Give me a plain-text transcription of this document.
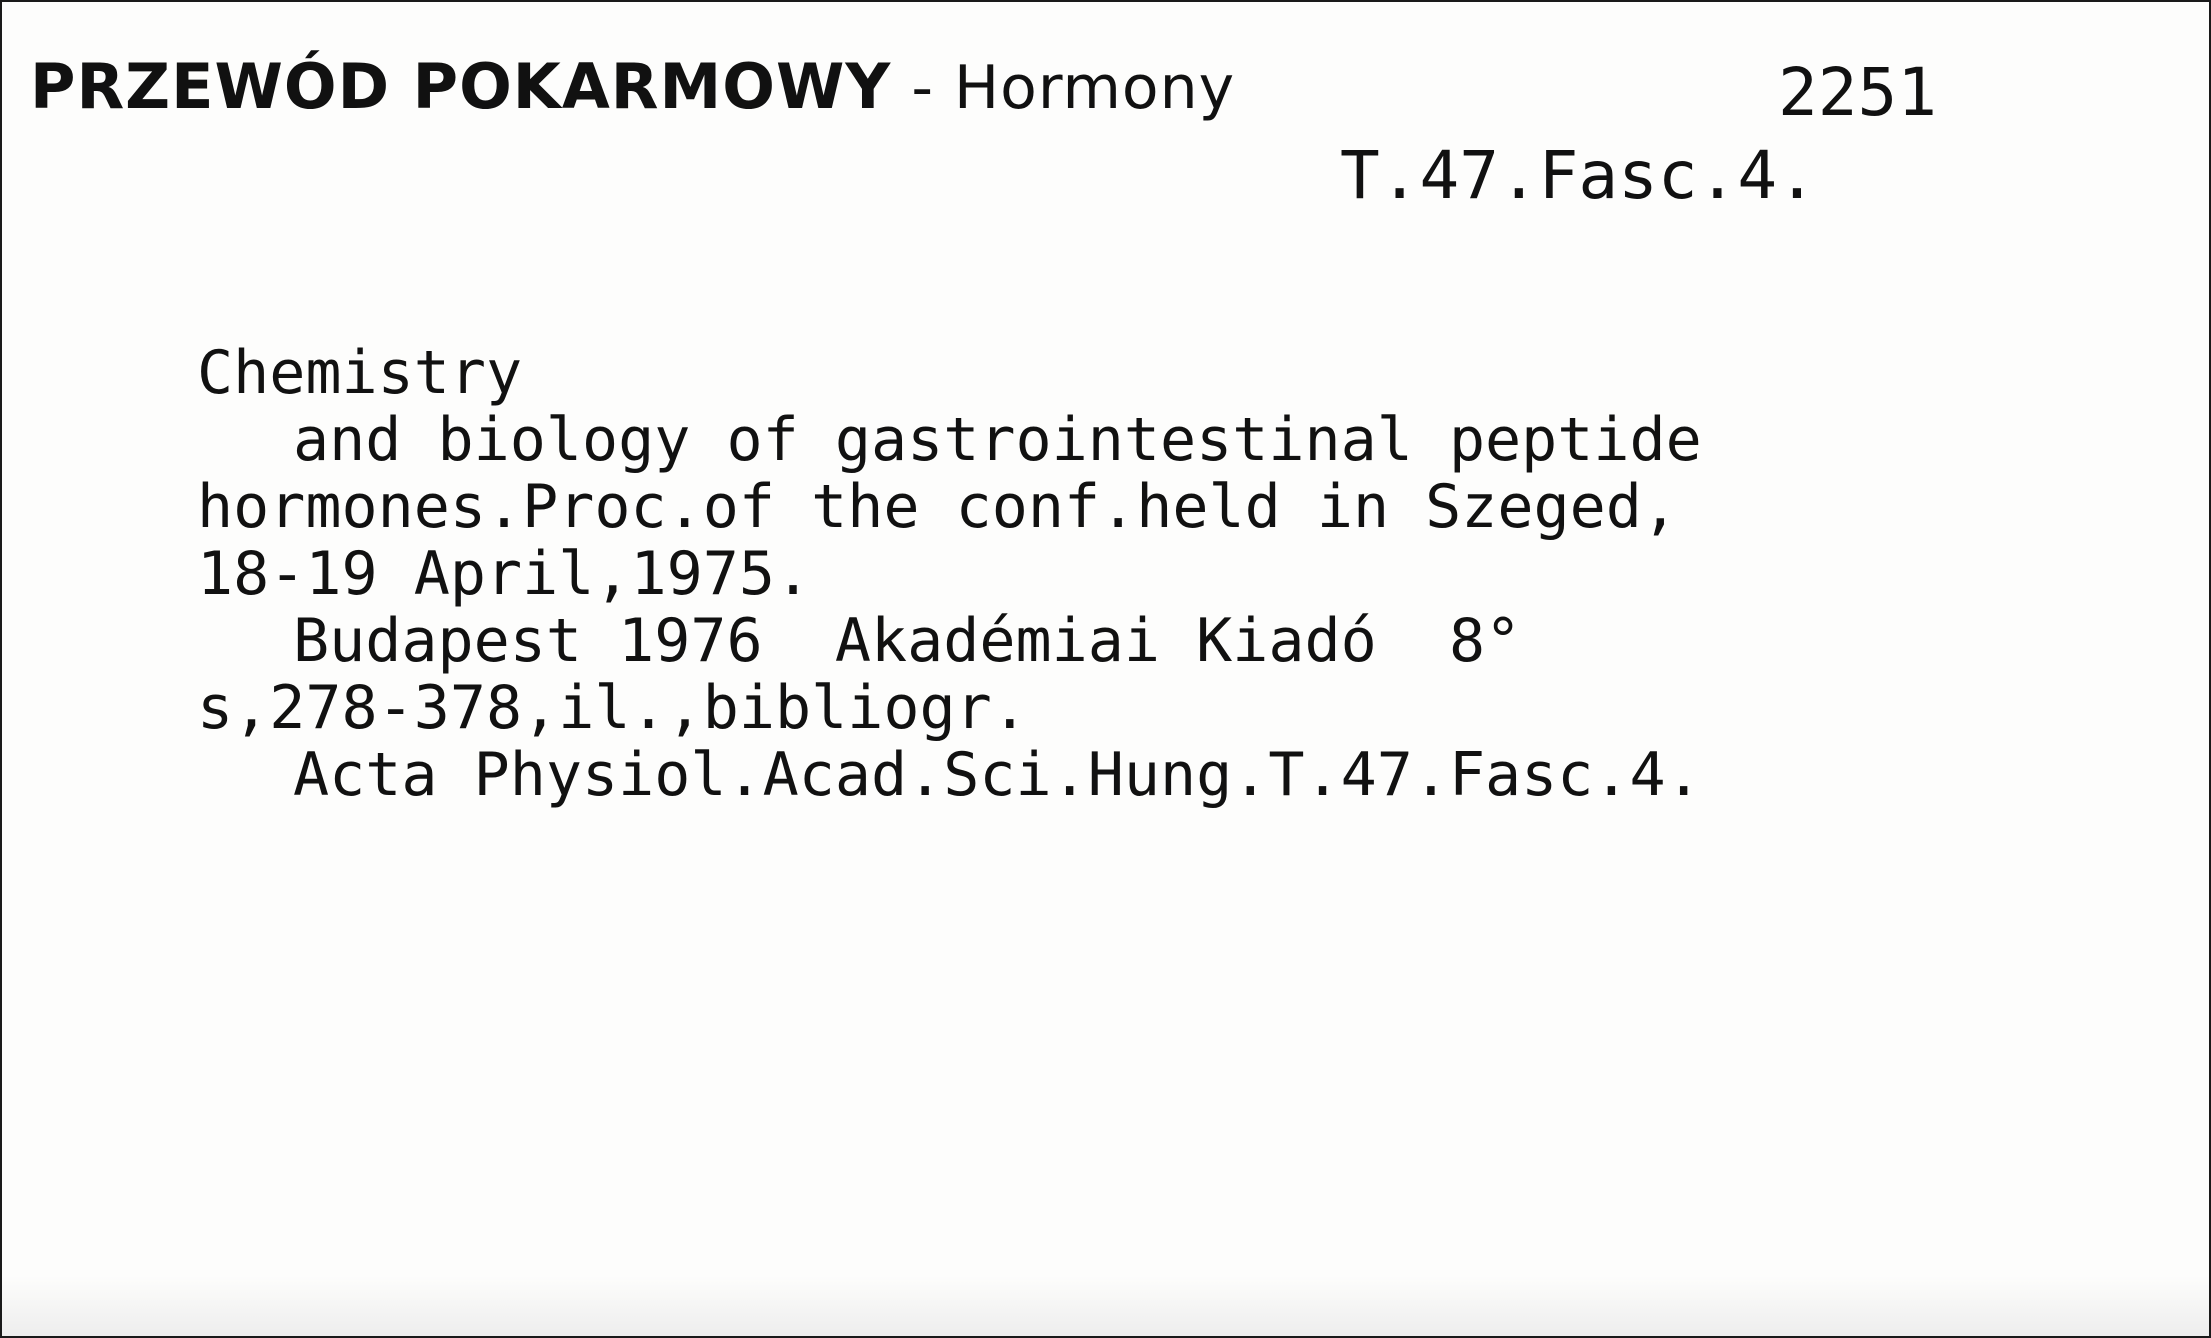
PRZEWÓD POKARMOWY - Hormony	2251
T.47.Fasc.4.
Chemistry
and biology of gastrointestinal peptide
hormones.Proc.of the conf.held in Szeged,
18-19 April,1975.
Budapest 1976  Akadémiai Kiadó  8°
s,278-378,il.,bibliogr.
Acta Physiol.Acad.Sci.Hung.T.47.Fasc.4.
